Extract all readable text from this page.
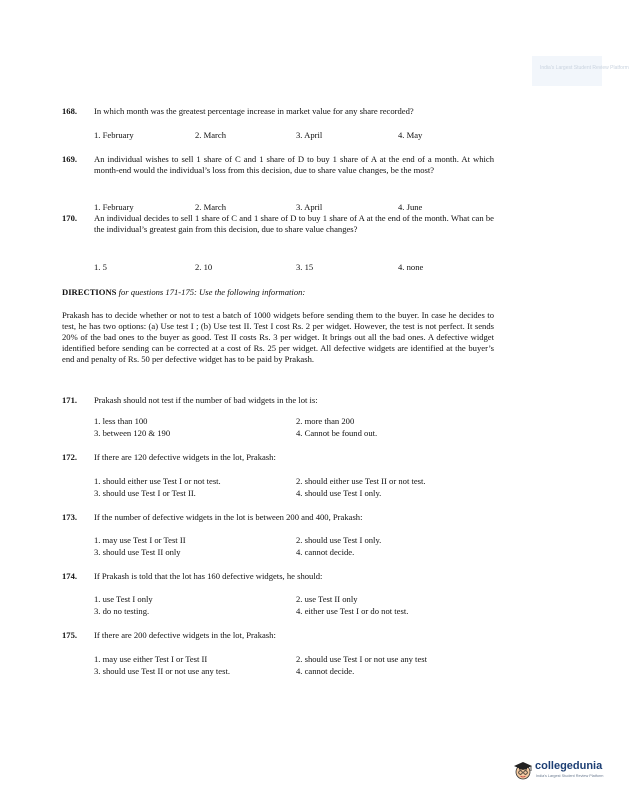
India's Largest Student Review Platform
168. In which month was the greatest percentage increase in market value for any share recorded?
1. February	2. March	3. April	4. May
169. An individual wishes to sell 1 share of C and 1 share of D to buy 1 share of A at the end of a month. At which month-end would the individual’s loss from this decision, due to share value changes, be the most?
1. February	2. March	3. April	4. June
170. An individual decides to sell 1 share of C and 1 share of D to buy 1 share of A at the end of the month. What can be the individual’s greatest gain from this decision, due to share value changes?
1. 5	2. 10	3. 15	4. none
DIRECTIONS for questions 171-175: Use the following information:
Prakash has to decide whether or not to test a batch of 1000 widgets before sending them to the buyer. In case he decides to test, he has two options: (a) Use test I ; (b) Use test II. Test I cost Rs. 2 per widget. However, the test is not perfect. It sends 20% of the bad ones to the buyer as good. Test II costs Rs. 3 per widget. It brings out all the bad ones. A defective widget identified before sending can be corrected at a cost of Rs. 25 per widget. All defective widgets are identified at the buyer’s end and penalty of Rs. 50 per defective widget has to be paid by Prakash.
171. Prakash should not test if the number of bad widgets in the lot is:
1. less than 100	2. more than 200
3. between 120 & 190	4. Cannot be found out.
172. If there are 120 defective widgets in the lot, Prakash:
1. should either use Test I or not test.	2. should either use Test II or not test.
3. should use Test I or Test II.	4. should use Test I only.
173. If the number of defective widgets in the lot is between 200 and 400, Prakash:
1. may use Test I or Test II	2. should use Test I only.
3. should use Test II only	4. cannot decide.
174. If Prakash is told that the lot has 160 defective widgets, he should:
1. use Test I only	2. use Test II only
3. do no testing.	4. either use Test I or do not test.
175. If there are 200 defective widgets in the lot, Prakash:
1. may use either Test I or Test II	2. should use Test I or not use any test
3. should use Test II or not use any test.	4. cannot decide.
collegedunia
India's Largest Student Review Platform
